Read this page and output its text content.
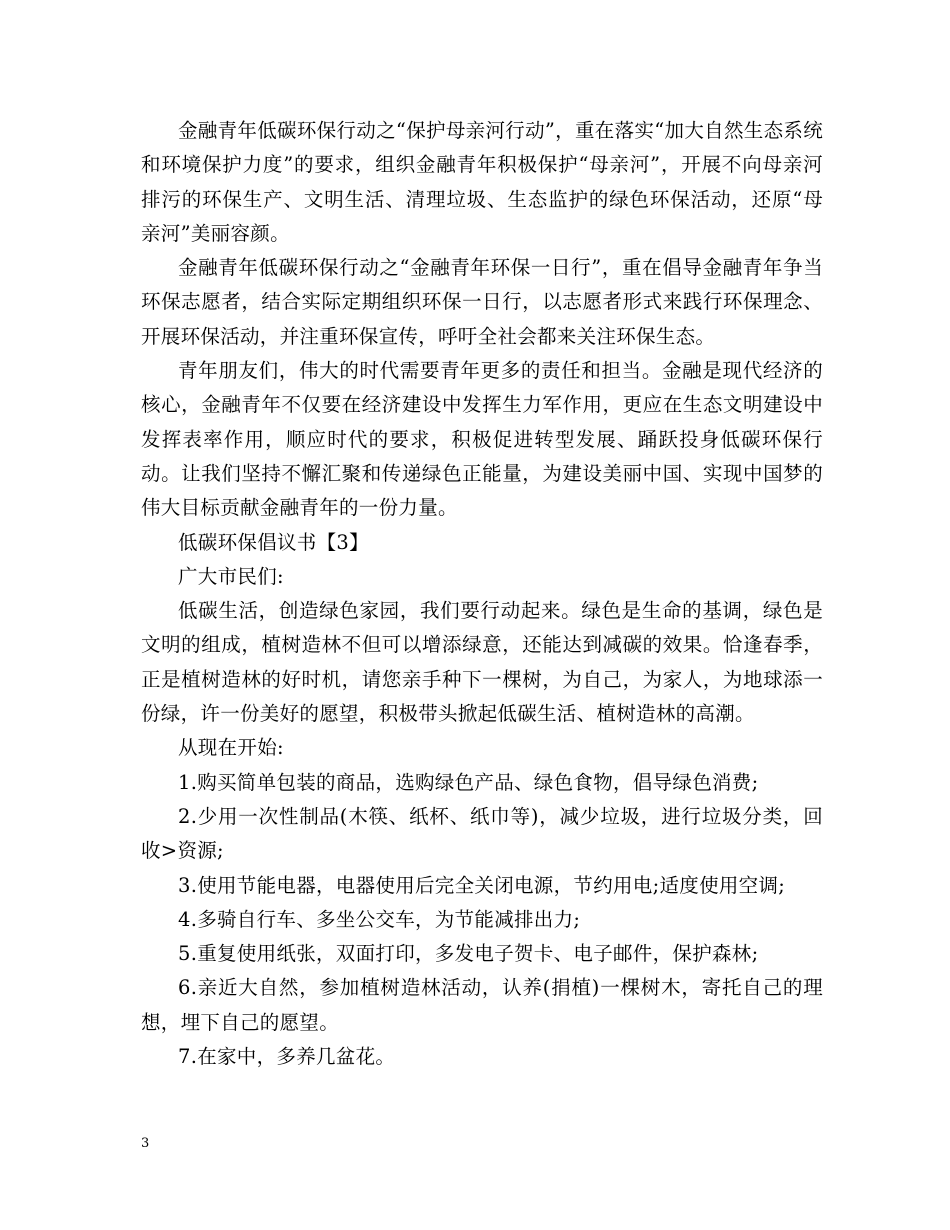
金融青年低碳环保行动之“保护母亲河行动”，重在落实“加大自然生态系统和环境保护力度”的要求，组织金融青年积极保护“母亲河”，开展不向母亲河排污的环保生产、文明生活、清理垃圾、生态监护的绿色环保活动，还原“母亲河”美丽容颜。

金融青年低碳环保行动之“金融青年环保一日行”，重在倡导金融青年争当环保志愿者，结合实际定期组织环保一日行，以志愿者形式来践行环保理念、开展环保活动，并注重环保宣传，呼吁全社会都来关注环保生态。

青年朋友们，伟大的时代需要青年更多的责任和担当。金融是现代经济的核心，金融青年不仅要在经济建设中发挥生力军作用，更应在生态文明建设中发挥表率作用，顺应时代的要求，积极促进转型发展、踊跃投身低碳环保行动。让我们坚持不懈汇聚和传递绿色正能量，为建设美丽中国、实现中国梦的伟大目标贡献金融青年的一份力量。

低碳环保倡议书【3】

广大市民们:

低碳生活，创造绿色家园，我们要行动起来。绿色是生命的基调，绿色是文明的组成，植树造林不但可以增添绿意，还能达到减碳的效果。恰逢春季，正是植树造林的好时机，请您亲手种下一棵树，为自己，为家人，为地球添一份绿，许一份美好的愿望，积极带头掀起低碳生活、植树造林的高潮。

从现在开始:

1.购买简单包装的商品，选购绿色产品、绿色食物，倡导绿色消费;

2.少用一次性制品(木筷、纸杯、纸巾等)，减少垃圾，进行垃圾分类，回收>资源;

3.使用节能电器，电器使用后完全关闭电源，节约用电;适度使用空调;

4.多骑自行车、多坐公交车，为节能减排出力;

5.重复使用纸张，双面打印，多发电子贺卡、电子邮件，保护森林;

6.亲近大自然，参加植树造林活动，认养(捐植)一棵树木，寄托自己的理想，埋下自己的愿望。

7.在家中，多养几盆花。

3
